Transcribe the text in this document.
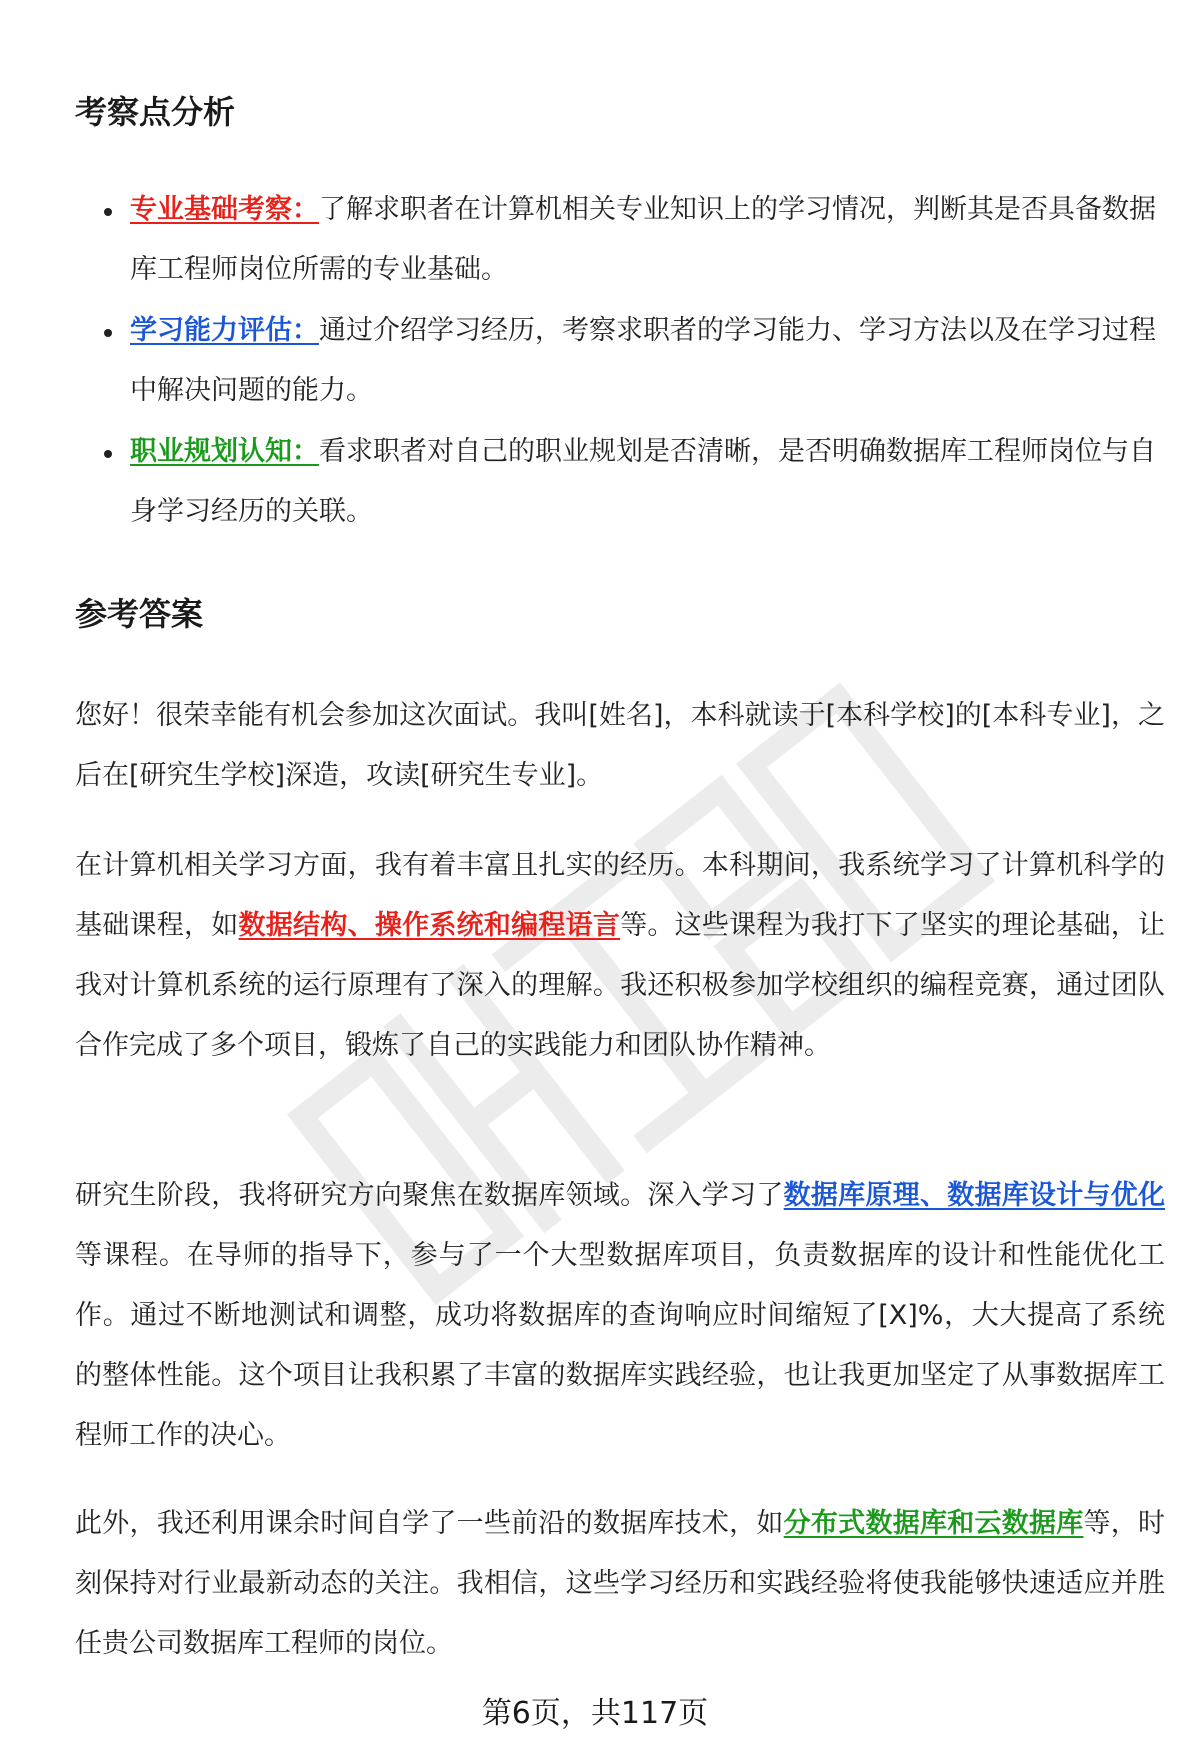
考察点分析
专业基础考察：了解求职者在计算机相关专业知识上的学习情况，判断其是否具备数据库工程师岗位所需的专业基础。
学习能力评估：通过介绍学习经历，考察求职者的学习能力、学习方法以及在学习过程中解决问题的能力。
职业规划认知：看求职者对自己的职业规划是否清晰，是否明确数据库工程师岗位与自身学习经历的关联。
参考答案

您好！很荣幸能有机会参加这次面试。我叫[姓名]，本科就读于[本科学校]的[本科专业]，之后在[研究生学校]深造，攻读[研究生专业]。

在计算机相关学习方面，我有着丰富且扎实的经历。本科期间，我系统学习了计算机科学的基础课程，如数据结构、操作系统和编程语言等。这些课程为我打下了坚实的理论基础，让我对计算机系统的运行原理有了深入的理解。我还积极参加学校组织的编程竞赛，通过团队合作完成了多个项目，锻炼了自己的实践能力和团队协作精神。

研究生阶段，我将研究方向聚焦在数据库领域。深入学习了数据库原理、数据库设计与优化等课程。在导师的指导下，参与了一个大型数据库项目，负责数据库的设计和性能优化工作。通过不断地测试和调整，成功将数据库的查询响应时间缩短了[X]%，大大提高了系统的整体性能。这个项目让我积累了丰富的数据库实践经验，也让我更加坚定了从事数据库工程师工作的决心。

此外，我还利用课余时间自学了一些前沿的数据库技术，如分布式数据库和云数据库等，时刻保持对行业最新动态的关注。我相信，这些学习经历和实践经验将使我能够快速适应并胜任贵公司数据库工程师的岗位。

第6页，共117页
